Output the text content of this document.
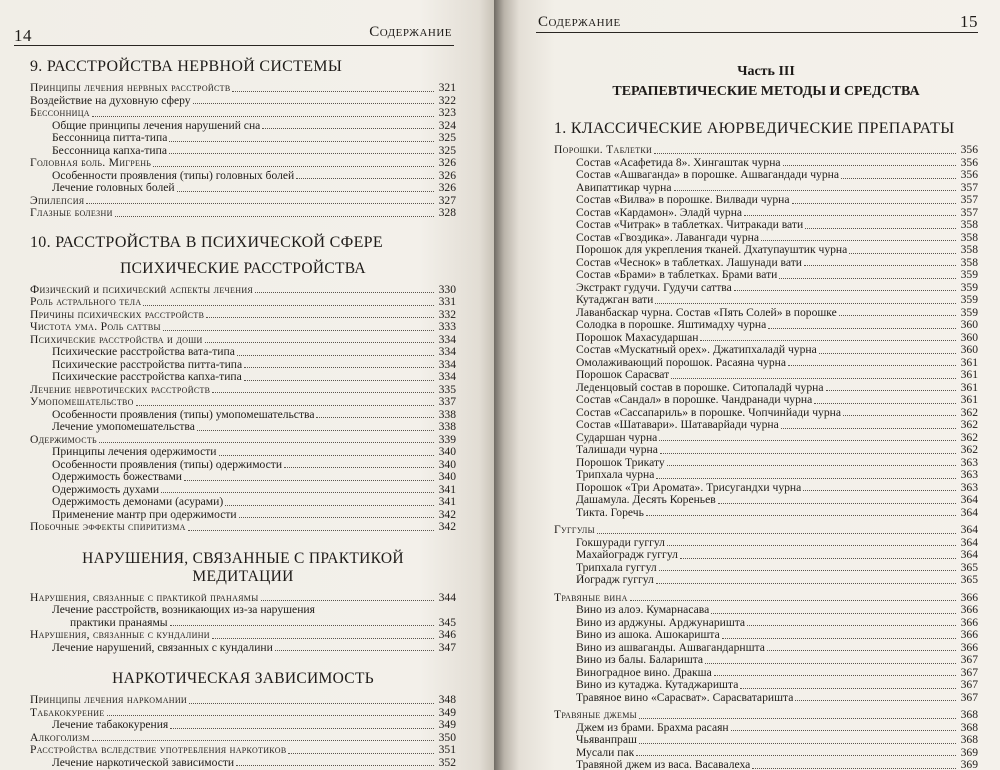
14	Содержание
9. РАССТРОЙСТВА НЕРВНОЙ СИСТЕМЫ
Принципы лечения нервных расстройств	321
Воздействие на духовную сферу	322
Бессонница	323
Общие принципы лечения нарушений сна	324
Бессонница питта-типа	325
Бессонница капха-типа	325
Головная боль. Мигрень	326
Особенности проявления (типы) головных болей	326
Лечение головных болей	326
Эпилепсия	327
Глазные болезни	328
10. РАССТРОЙСТВА В ПСИХИЧЕСКОЙ СФЕРЕ
ПСИХИЧЕСКИЕ РАССТРОЙСТВА
Физический и психический аспекты лечения	330
Роль астрального тела	331
Причины психических расстройств	332
Чистота ума. Роль саттвы	333
Психические расстройства и доши	334
Психические расстройства вата-типа	334
Психические расстройства питта-типа	334
Психические расстройства капха-типа	334
Лечение невротических расстройств	335
Умопомешательство	337
Особенности проявления (типы) умопомешательства	338
Лечение умопомешательства	338
Одержимость	339
Принципы лечения одержимости	340
Особенности проявления (типы) одержимости	340
Одержимость божествами	340
Одержимость духами	341
Одержимость демонами (асурами)	341
Применение мантр при одержимости	342
Побочные эффекты спиритизма	342
НАРУШЕНИЯ, СВЯЗАННЫЕ С ПРАКТИКОЙ МЕДИТАЦИИ
Нарушения, связанные с практикой пранаямы	344
Лечение расстройств, возникающих из-за нарушения
практики пранаямы	345
Нарушения, связанные с кундалини	346
Лечение нарушений, связанных с кундалини	347
НАРКОТИЧЕСКАЯ ЗАВИСИМОСТЬ
Принципы лечения наркомании	348
Табакокурение	349
Лечение табакокурения	349
Алкоголизм	350
Расстройства вследствие употребления наркотиков	351
Лечение наркотической зависимости	352
Содержание	15
Часть III
ТЕРАПЕВТИЧЕСКИЕ МЕТОДЫ И СРЕДСТВА
1. КЛАССИЧЕСКИЕ АЮРВЕДИЧЕСКИЕ ПРЕПАРАТЫ
Порошки. Таблетки	356
Состав «Асафетида 8». Хингаштак чурна	356
Состав «Ашваганда» в порошке. Ашвагандади чурна	356
Авипаттикар чурна	357
Состав «Вилва» в порошке. Вилвади чурна	357
Состав «Кардамон». Эладй чурна	357
Состав «Читрак» в таблетках. Читракади вати	358
Состав «Гвоздика». Лавангади чурна	358
Порошок для укрепления тканей. Дхатупауштик чурна	358
Состав «Чеснок» в таблетках. Лашунади вати	358
Состав «Брами» в таблетках. Брами вати	359
Экстракт гудучи. Гудучи саттва	359
Кутаджган вати	359
Лаванбаскар чурна. Состав «Пять Солей» в порошке	359
Солодка в порошке. Яштимадху чурна	360
Порошок Махасударшан	360
Состав «Мускатный орех». Джатипхаладй чурна	360
Омолаживающий порошок. Расаяна чурна	361
Порошок Сарасват	361
Леденцовый состав в порошке. Ситопаладй чурна	361
Состав «Сандал» в порошке. Чандранади чурна	361
Состав «Сассапариль» в порошке. Чопчинйади чурна	362
Состав «Шатавари». Шатаварйади чурна	362
Сударшан чурна	362
Талишади чурна	362
Порошок Трикату	363
Трипхала чурна	363
Порошок «Три Аромата». Трисугандхи чурна	363
Дашамула. Десять Кореньев	364
Тикта. Горечь	364
Гуггулы	364
Гокшуради гуггул	364
Махайоградж гуггул	364
Трипхала гуггул	365
Йоградж гуггул	365
Травяные вина	366
Вино из алоэ. Кумарнасава	366
Вино из арджуны. Арджунариштa	366
Вино из ашока. Ашокаришта	366
Вино из ашваганды. Ашвагандарншта	366
Вино из балы. Балариштa	367
Виноградное вино. Дракша	367
Вино из кутаджа. Кутаджаришта	367
Травяное вино «Сарасват». Сарасватаришта	367
Травяные джемы	368
Джем из брами. Брахма расаян	368
Чьяванпраш	368
Мусали пак	369
Травяной джем из васа. Васавалеха	369
